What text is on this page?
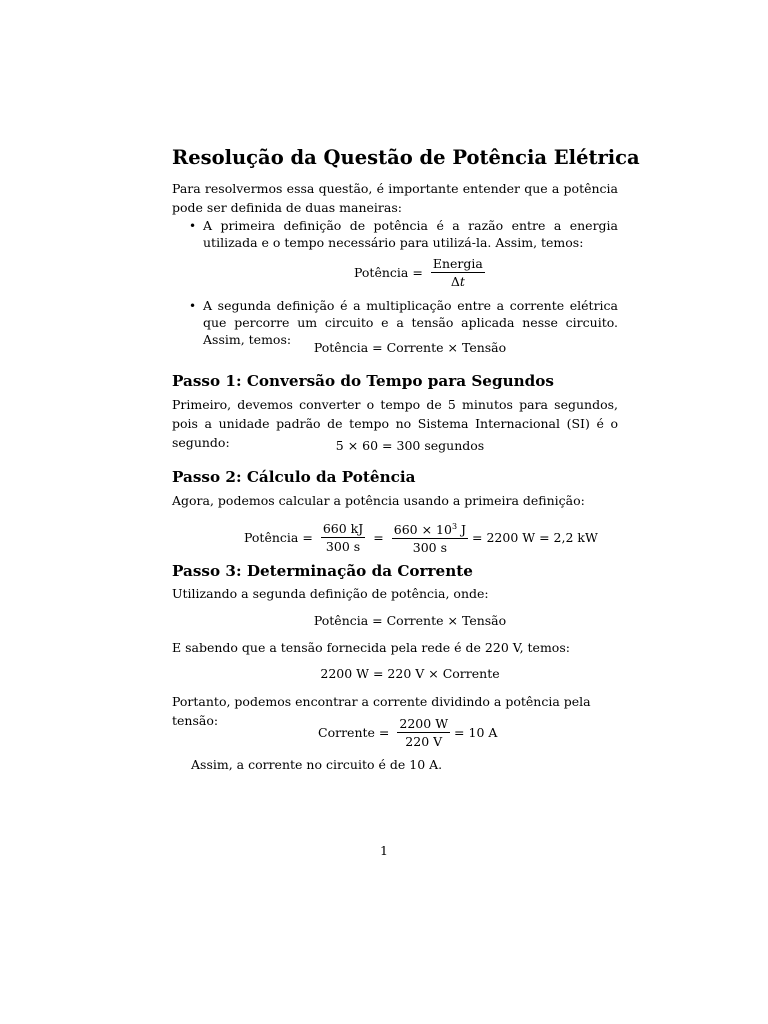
Resolução da Questão de Potência Elétrica
Para resolvermos essa questão, é importante entender que a potência pode ser definida de duas maneiras:
• A primeira definição de potência é a razão entre a energia utilizada e o tempo necessário para utilizá-la. Assim, temos:
Potência = $\frac{\text{Energia}}{\Delta t}$
• A segunda definição é a multiplicação entre a corrente elétrica que percorre um circuito e a tensão aplicada nesse circuito. Assim, temos:
Potência = Corrente × Tensão
Passo 1: Conversão do Tempo para Segundos
Primeiro, devemos converter o tempo de 5 minutos para segundos, pois a unidade padrão de tempo no Sistema Internacional (SI) é o segundo:	5 × 60 = 300 segundos
Passo 2: Cálculo da Potência
Agora, podemos calcular a potência usando a primeira definição:
Potência = $\frac{660 kJ}{300 s} = \frac{660 \times 10^3 J}{300 s} = 2200$ W = 2,2 kW
Passo 3: Determinação da Corrente
Utilizando a segunda definição de potência, onde:
Potência = Corrente × Tensão
E sabendo que a tensão fornecida pela rede é de 220 V, temos:
2200 W = 220 V × Corrente
Portanto, podemos encontrar a corrente dividindo a potência pela tensão:
Corrente = $\frac{2200 W}{220 V} = 10$ A
Assim, a corrente no circuito é de 10 A.
1
